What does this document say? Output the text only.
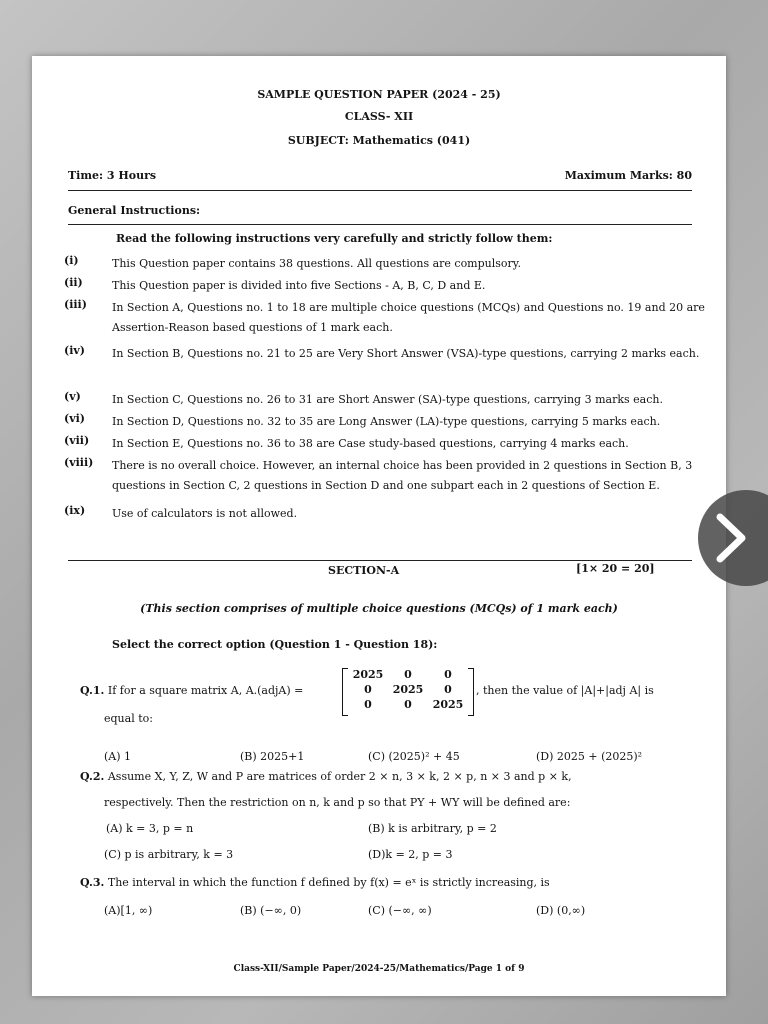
SAMPLE QUESTION PAPER (2024 - 25)
CLASS- XII
SUBJECT: Mathematics (041)
Time: 3 Hours	Maximum Marks: 80
General Instructions:
Read the following instructions very carefully and strictly follow them:
(i)	This Question paper contains 38 questions. All questions are compulsory.
(ii)	This Question paper is divided into five Sections - A, B, C, D and E.
(iii)	In Section A, Questions no. 1 to 18 are multiple choice questions (MCQs) and Questions no. 19 and 20 are Assertion-Reason based questions of 1 mark each.
(iv)	In Section B, Questions no. 21 to 25 are Very Short Answer (VSA)-type questions, carrying 2 marks each.
(v)	In Section C, Questions no. 26 to 31 are Short Answer (SA)-type questions, carrying 3 marks each.
(vi)	In Section D, Questions no. 32 to 35 are Long Answer (LA)-type questions, carrying 5 marks each.
(vii)	In Section E, Questions no. 36 to 38 are Case study-based questions, carrying 4 marks each.
(viii)	There is no overall choice. However, an internal choice has been provided in 2 questions in Section B, 3 questions in Section C, 2 questions in Section D and one subpart each in 2 questions of Section E.
(ix)	Use of calculators is not allowed.
SECTION-A	[1× 20 = 20]
(This section comprises of multiple choice questions (MCQs) of 1 mark each)
Select the correct option (Question 1 - Question 18):
Q.1. If for a square matrix A, A.(adjA) =
2025	0	0
0	2025	0
0	0	2025
, then the value of |A|+|adj A| is
equal to:
(A) 1	(B) 2025+1	(C) (2025)² + 45	(D) 2025 + (2025)²
Q.2. Assume X, Y, Z, W and P are matrices of order 2 × n, 3 × k, 2 × p, n × 3 and p × k,
respectively. Then the restriction on n, k and p so that PY + WY will be defined are:
(A) k = 3, p = n	(B) k is arbitrary, p = 2
(C) p is arbitrary, k = 3	(D)k = 2, p = 3
Q.3. The interval in which the function f defined by f(x) = eˣ is strictly increasing, is
(A)[1, ∞)	(B) (−∞, 0)	(C) (−∞, ∞)	(D) (0,∞)
Class-XII/Sample Paper/2024-25/Mathematics/Page 1 of 9
